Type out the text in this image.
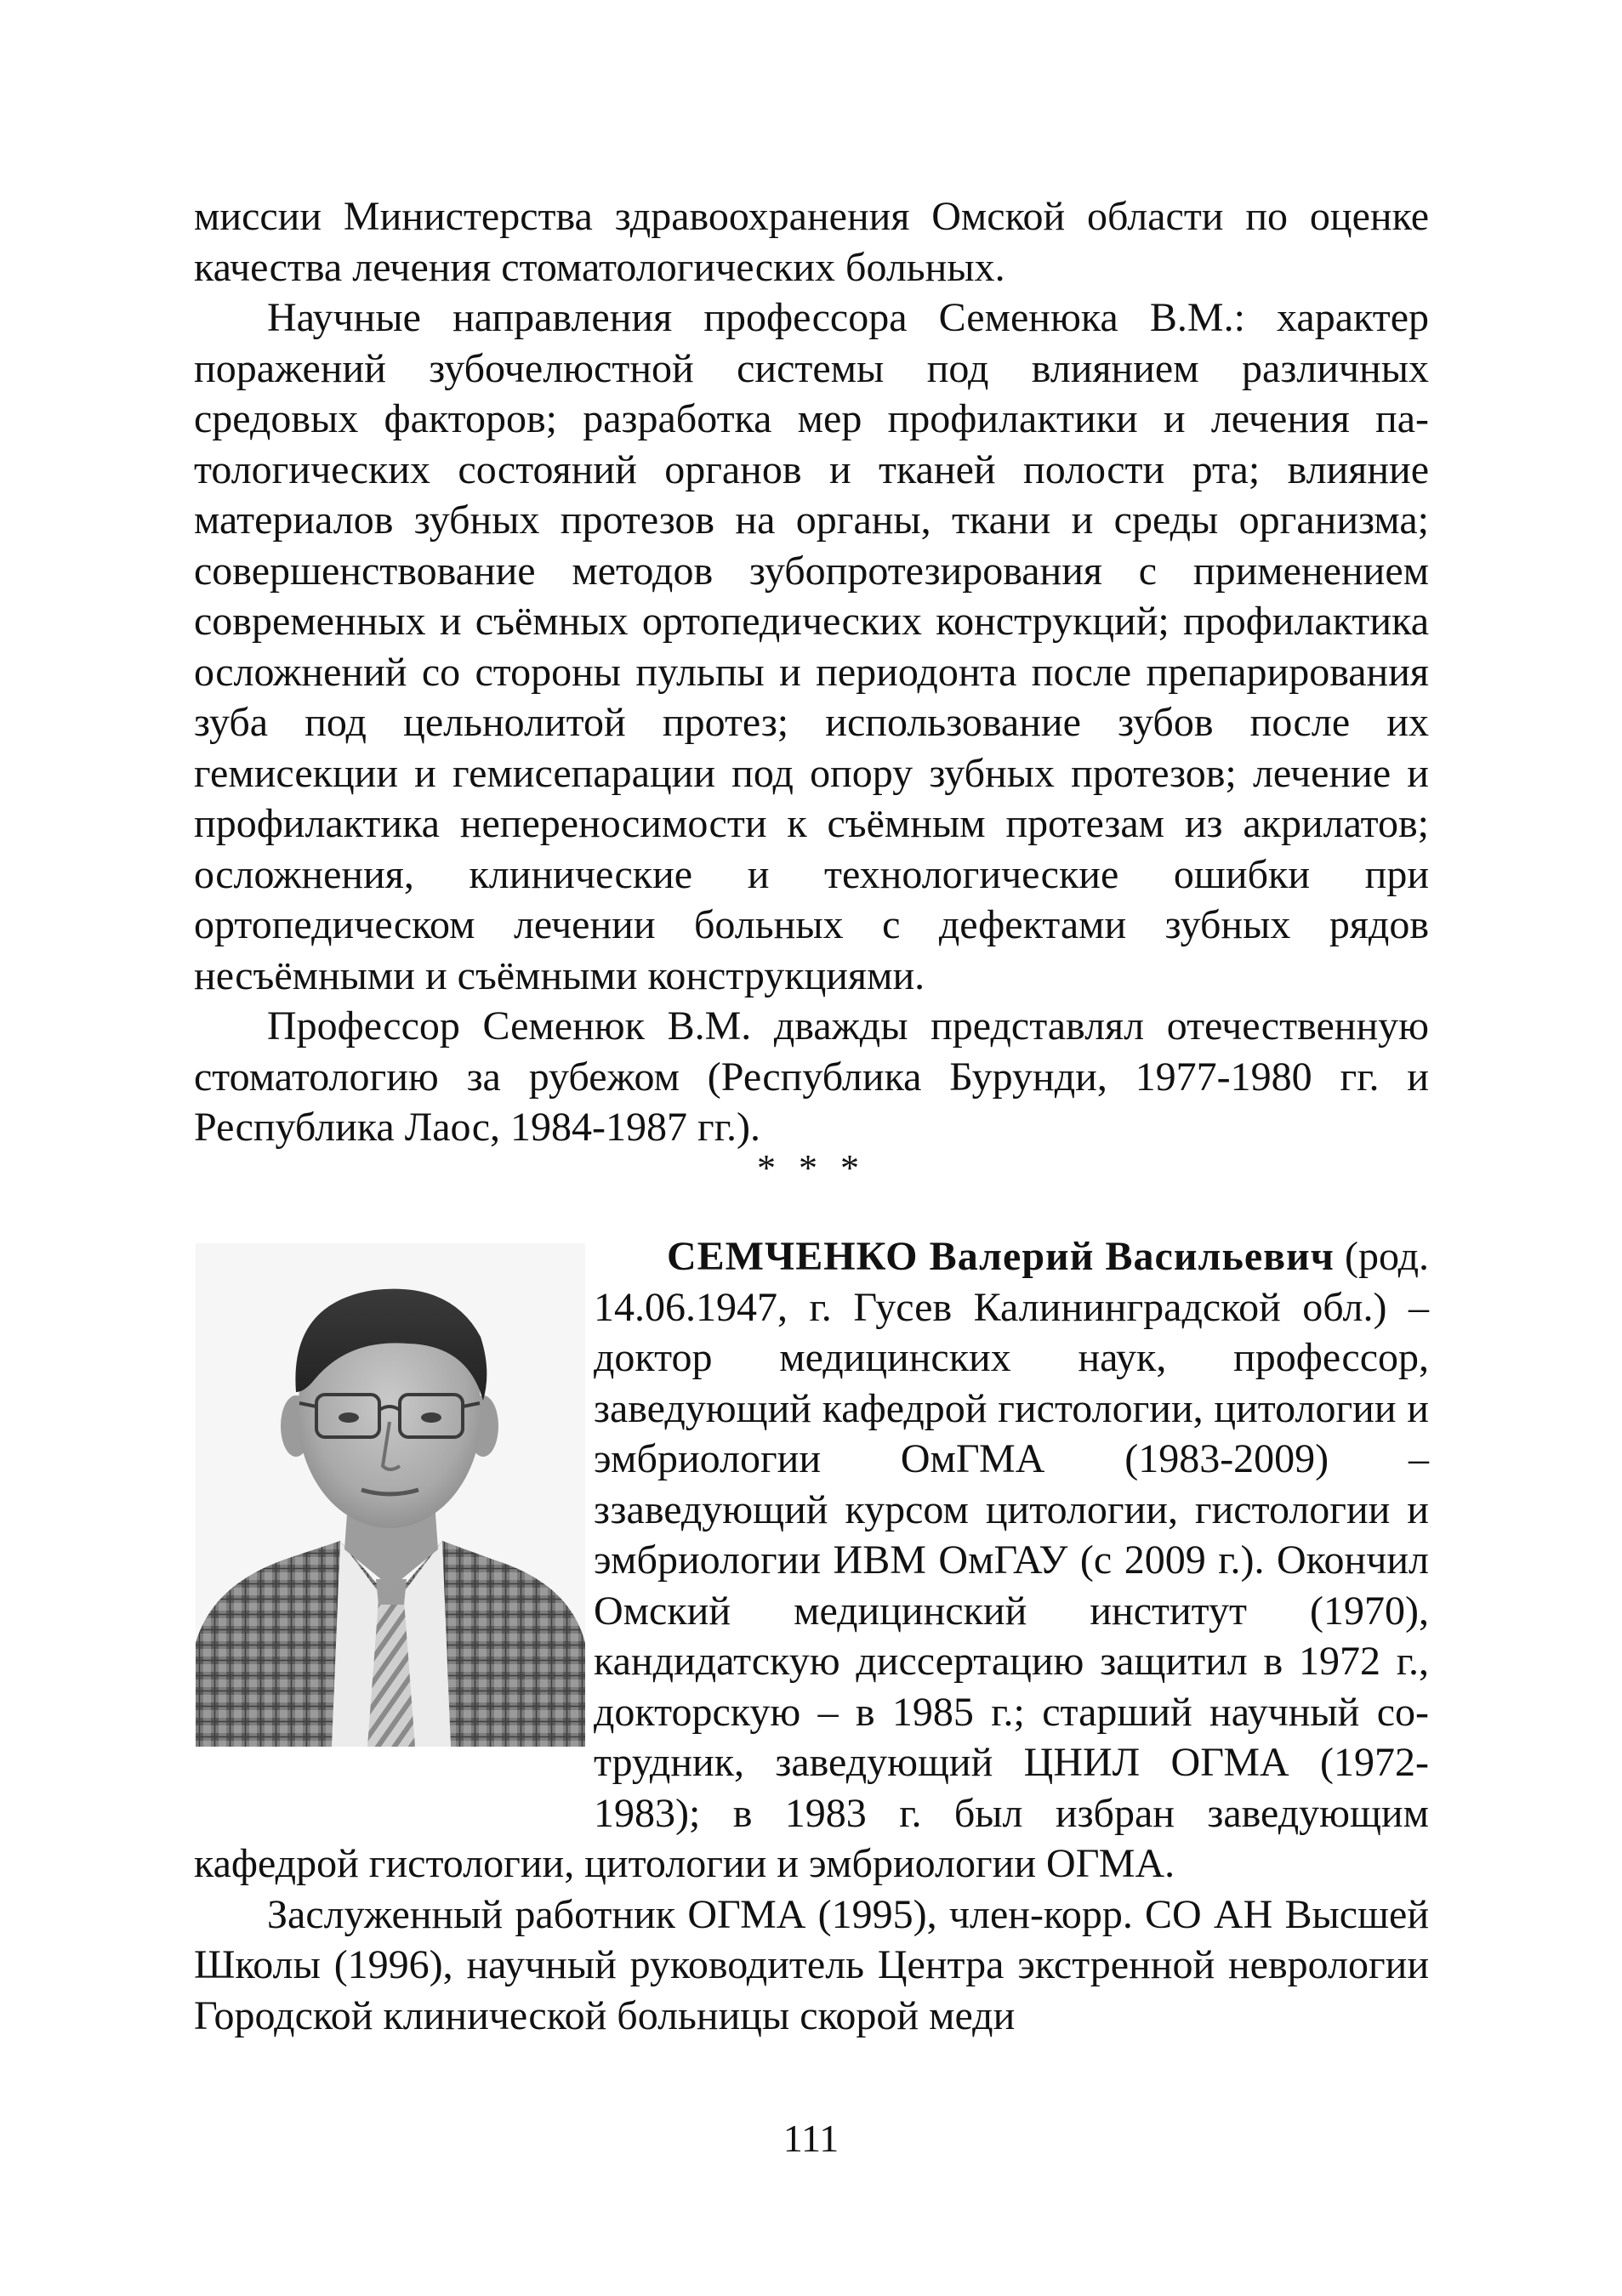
миссии Министерства здравоохранения Омской области по оценке качества лечения стоматологических больных.

Научные направления профессора Семенюка В.М.: характер поражений зубочелюстной системы под влиянием различных средовых факторов; разработка мер профилактики и лечения патологических состояний органов и тканей полости рта; влияние материалов зубных протезов на органы, ткани и среды организма; совершенствование методов зубопротезирования с применением современных и съёмных ортопедических конструкций; профилактика осложнений со стороны пульпы и периодонта после препарирования зуба под цельнолитой протез; использование зубов после их гемисекции и гемисепарации под опору зубных протезов; лечение и профилактика непереносимости к съёмным протезам из акрилатов; осложнения, клинические и технологические ошибки при ортопедическом лечении больных с дефектами зубных рядов несъёмными и съёмными конструкциями.

Профессор Семенюк В.М. дважды представлял отечественную стоматологию за рубежом (Республика Бурунди, 1977-1980 гг. и Республика Лаос, 1984-1987 гг.).

* * *

СЕМЧЕНКО Валерий Васильевич (род. 14.06.1947, г. Гусев Калининградской обл.) – доктор медицинских наук, профессор, заведующий кафедрой гистологии, цитологии и эмбриологии ОмГМА (1983-2009) – ззаведующий курсом цитологии, гистологии и эмбриологии ИВМ ОмГАУ (с 2009 г.). Окончил Омский медицинский институт (1970), кандидатскую диссертацию защитил в 1972 г., докторскую – в 1985 г.; старший научный сотрудник, заведующий ЦНИЛ ОГМА (1972-1983); в 1983 г. был избран заведующим кафедрой гистологии, цитологии и эмбриологии ОГМА.

Заслуженный работник ОГМА (1995), член-корр. СО АН Высшей Школы (1996), научный руководитель Центра экстренной неврологии Городской клинической больницы скорой меди

111
